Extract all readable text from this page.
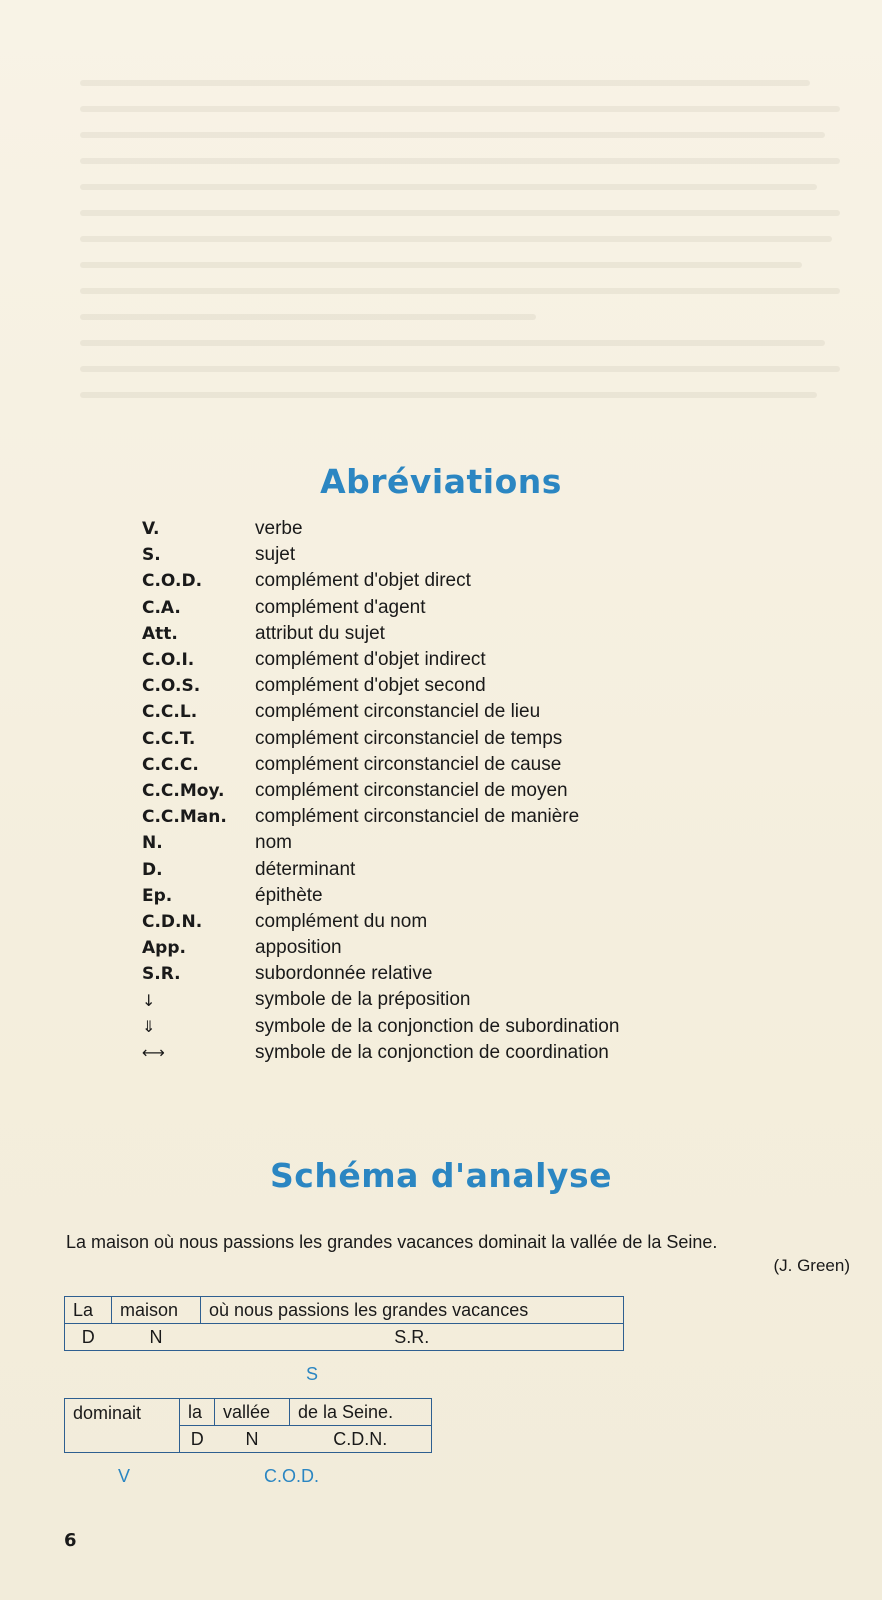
Abréviations
V.	verbe
S.	sujet
C.O.D.	complément d'objet direct
C.A.	complément d'agent
Att.	attribut du sujet
C.O.I.	complément d'objet indirect
C.O.S.	complément d'objet second
C.C.L.	complément circonstanciel de lieu
C.C.T.	complément circonstanciel de temps
C.C.C.	complément circonstanciel de cause
C.C.Moy.	complément circonstanciel de moyen
C.C.Man.	complément circonstanciel de manière
N.	nom
D.	déterminant
Ep.	épithète
C.D.N.	complément du nom
App.	apposition
S.R.	subordonnée relative
↓	symbole de la préposition
⇓	symbole de la conjonction de subordination
⟷	symbole de la conjonction de coordination
Schéma d'analyse
La maison où nous passions les grandes vacances dominait la vallée de la Seine.
(J. Green)
La	maison	où nous passions les grandes vacances
D	N	S.R.
S
dominait	la	vallée	de la Seine.
	D	N	C.D.N.
V	C.O.D.
6
